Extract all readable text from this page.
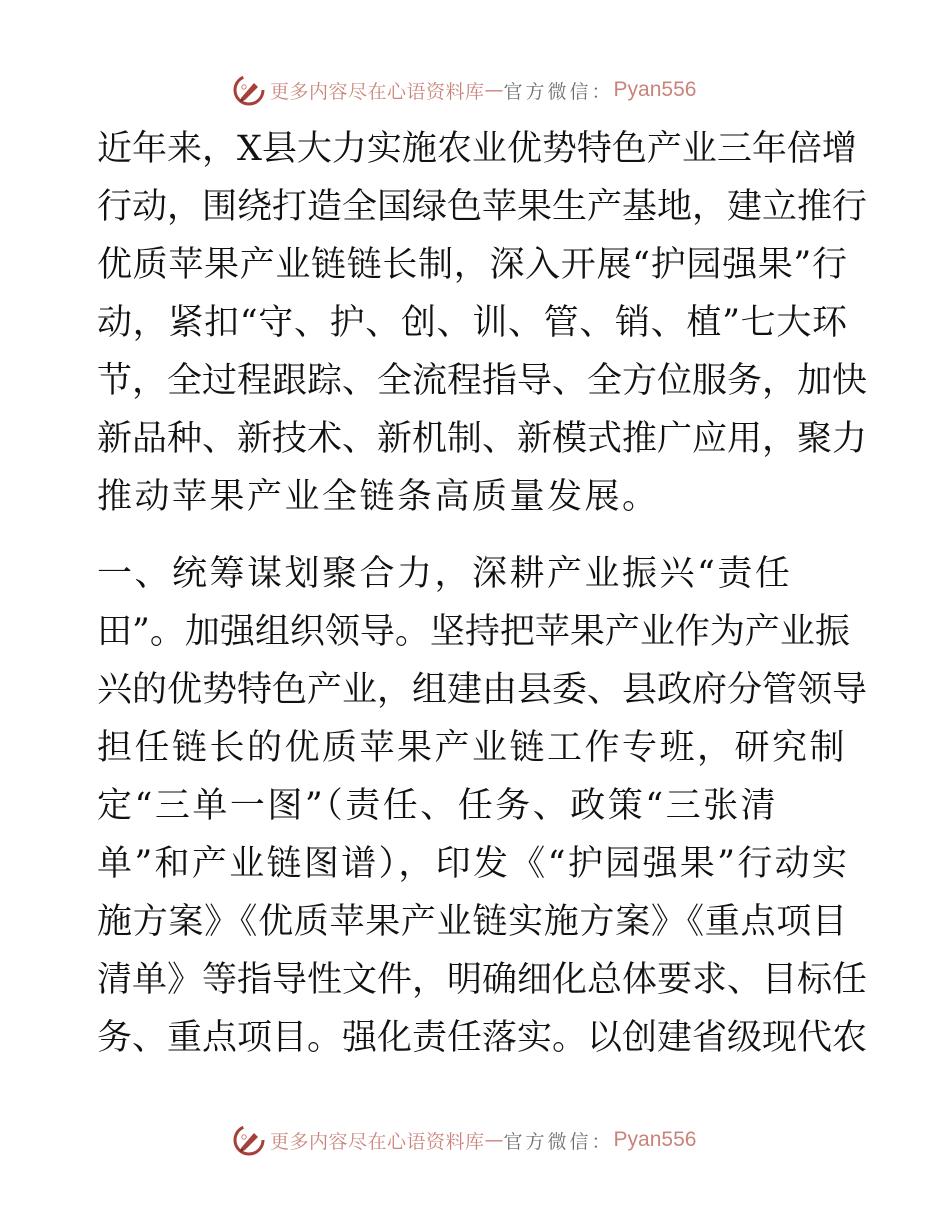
更多内容尽在心语资料库 — 官方微信： Pyan556
近年来，X县大力实施农业优势特色产业三年倍增
行动，围绕打造全国绿色苹果生产基地，建立推行
优质苹果产业链链长制，深入开展“护园强果”行
动，紧扣“守、护、创、训、管、销、植”七大环
节，全过程跟踪、全流程指导、全方位服务，加快
新品种、新技术、新机制、新模式推广应用，聚力
推动苹果产业全链条高质量发展。
一、统筹谋划聚合力，深耕产业振兴“责任
田”。加强组织领导。坚持把苹果产业作为产业振
兴的优势特色产业，组建由县委、县政府分管领导
担任链长的优质苹果产业链工作专班，研究制
定“三单一图”（责任、任务、政策“三张清
单”和产业链图谱），印发《“护园强果”行动实
施方案》《优质苹果产业链实施方案》《重点项目
清单》等指导性文件，明确细化总体要求、目标任
务、重点项目。强化责任落实。以创建省级现代农
更多内容尽在心语资料库 — 官方微信： Pyan556
